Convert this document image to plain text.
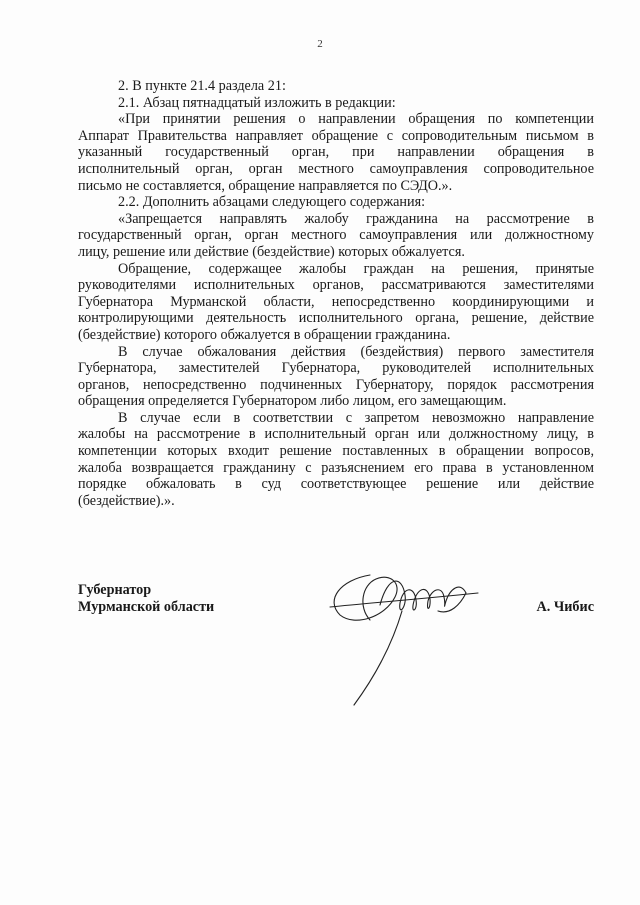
2
2. В пункте 21.4 раздела 21:
2.1. Абзац пятнадцатый изложить в редакции:
«При принятии решения о направлении обращения по компетенции
Аппарат Правительства направляет обращение с сопроводительным письмом в
указанный государственный орган, при направлении обращения в
исполнительный орган, орган местного самоуправления сопроводительное
письмо не составляется, обращение направляется по СЭДО.».
2.2. Дополнить абзацами следующего содержания:
«Запрещается направлять жалобу гражданина на рассмотрение в
государственный орган, орган местного самоуправления или должностному
лицу, решение или действие (бездействие) которых обжалуется.
Обращение, содержащее жалобы граждан на решения, принятые
руководителями исполнительных органов, рассматриваются заместителями
Губернатора Мурманской области, непосредственно координирующими и
контролирующими деятельность исполнительного органа, решение, действие
(бездействие) которого обжалуется в обращении гражданина.
В случае обжалования действия (бездействия) первого заместителя
Губернатора, заместителей Губернатора, руководителей исполнительных
органов, непосредственно подчиненных Губернатору, порядок рассмотрения
обращения определяется Губернатором либо лицом, его замещающим.
В случае если в соответствии с запретом невозможно направление
жалобы на рассмотрение в исполнительный орган или должностному лицу, в
компетенции которых входит решение поставленных в обращении вопросов,
жалоба возвращается гражданину с разъяснением его права в установленном
порядке обжаловать в суд соответствующее решение или действие
(бездействие).».
Губернатор
Мурманской области	А. Чибис
